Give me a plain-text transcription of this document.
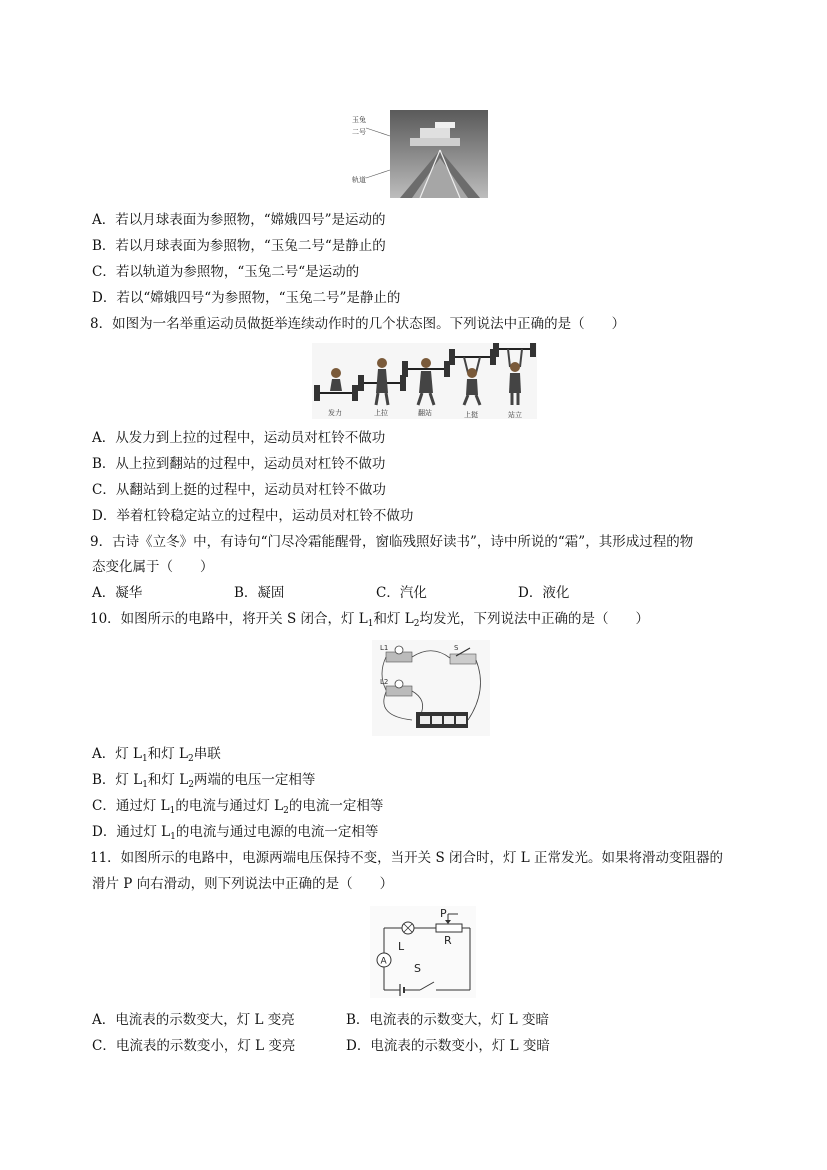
玉 兔
二 号
轨 道
A．若以月球表面为参照物，“嫦娥四号”是运动的
B．若以月球表面为参照物，“玉兔二号“是静止的
C．若以轨道为参照物，“玉兔二号“是运动的
D．若以“嫦娥四号“为参照物，“玉兔二号”是静止的
8．如图为一名举重运动员做挺举连续动作时的几个状态图。下列说法中正确的是（　　）
发力	上拉	翻站	上挺	站立
A．从发力到上拉的过程中，运动员对杠铃不做功
B．从上拉到翻站的过程中，运动员对杠铃不做功
C．从翻站到上挺的过程中，运动员对杠铃不做功
D．举着杠铃稳定站立的过程中，运动员对杠铃不做功
9．古诗《立冬》中，有诗句“门尽冷霜能醒骨，窗临残照好读书”，诗中所说的“霜”，其形成过程的物
态变化属于（　　）
A．凝华	B．凝固	C．汽化	D．液化
10．如图所示的电路中，将开关 S 闭合，灯 $L_1$和灯 $L_2$均发光，下列说法中正确的是（　　）
L1
L2
S
A．灯 $L_1$和灯 $L_2$串联
B．灯 $L_1$和灯 $L_2$两端的电压一定相等
C．通过灯 $L_1$的电流与通过灯 $L_2$的电流一定相等
D．通过灯 $L_1$的电流与通过电源的电流一定相等
11．如图所示的电路中，电源两端电压保持不变，当开关 S 闭合时，灯 L 正常发光。如果将滑动变阻器的
滑片 P 向右滑动，则下列说法中正确的是（　　）
L
P
R
A
S
A．电流表的示数变大，灯 L 变亮	B．电流表的示数变大，灯 L 变暗
C．电流表的示数变小，灯 L 变亮	D．电流表的示数变小，灯 L 变暗
